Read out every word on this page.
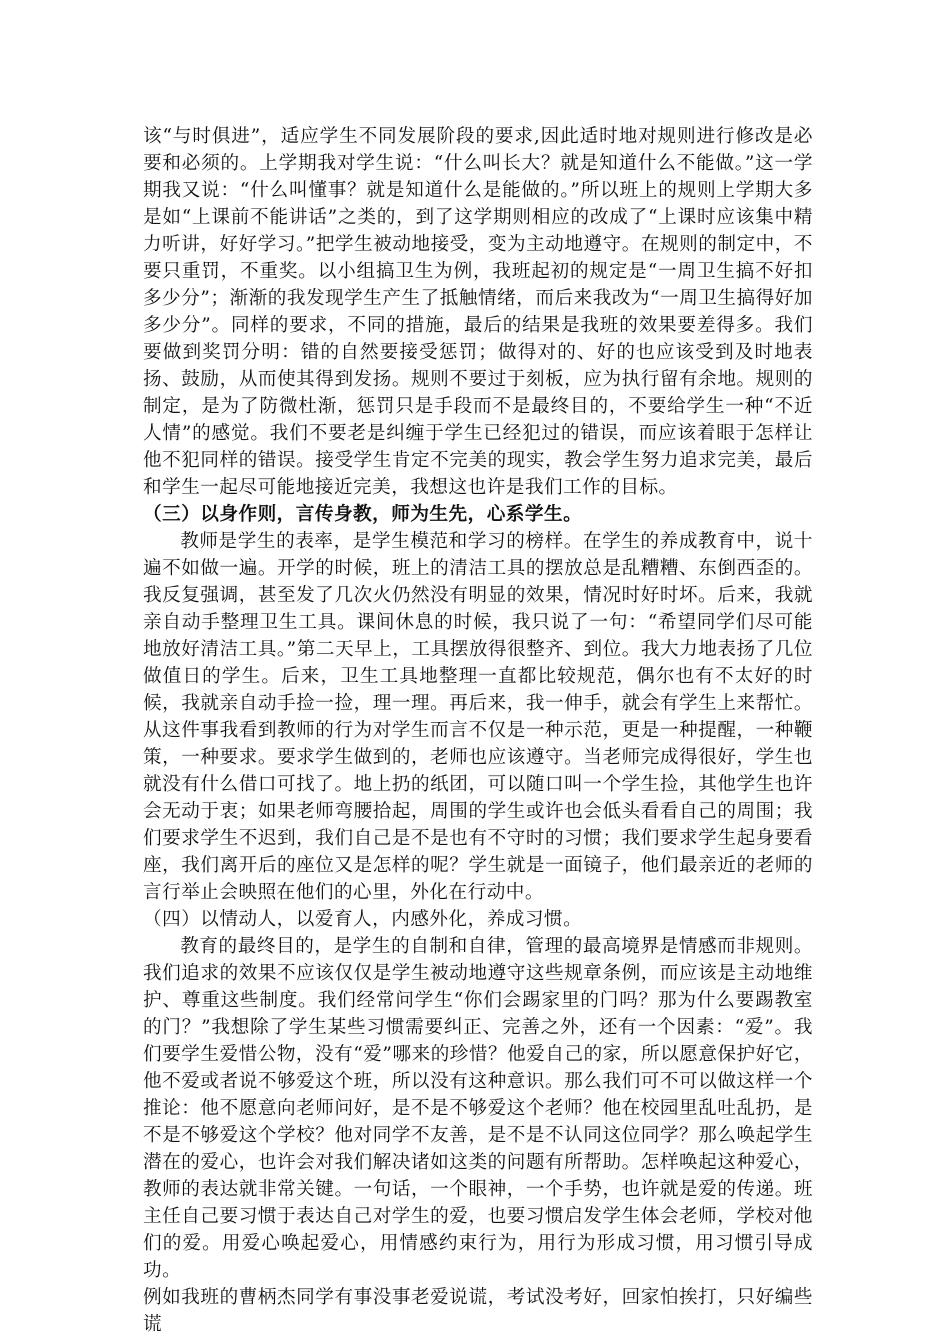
该“与时俱进”，适应学生不同发展阶段的要求,因此适时地对规则进行修改是必要和必须的。上学期我对学生说：“什么叫长大？就是知道什么不能做。”这一学期我又说：“什么叫懂事？就是知道什么是能做的。”所以班上的规则上学期大多是如“上课前不能讲话”之类的，到了这学期则相应的改成了“上课时应该集中精力听讲，好好学习。”把学生被动地接受，变为主动地遵守。在规则的制定中，不要只重罚，不重奖。以小组搞卫生为例，我班起初的规定是“一周卫生搞不好扣多少分”；渐渐的我发现学生产生了抵触情绪，而后来我改为“一周卫生搞得好加多少分”。同样的要求，不同的措施，最后的结果是我班的效果要差得多。我们要做到奖罚分明：错的自然要接受惩罚；做得对的、好的也应该受到及时地表扬、鼓励，从而使其得到发扬。规则不要过于刻板，应为执行留有余地。规则的制定，是为了防微杜渐，惩罚只是手段而不是最终目的，不要给学生一种“不近人情”的感觉。我们不要老是纠缠于学生已经犯过的错误，而应该着眼于怎样让他不犯同样的错误。接受学生肯定不完美的现实，教会学生努力追求完美，最后和学生一起尽可能地接近完美，我想这也许是我们工作的目标。

（三）以身作则，言传身教，师为生先，心系学生。

教师是学生的表率，是学生模范和学习的榜样。在学生的养成教育中，说十遍不如做一遍。开学的时候，班上的清洁工具的摆放总是乱糟糟、东倒西歪的。我反复强调，甚至发了几次火仍然没有明显的效果，情况时好时坏。后来，我就亲自动手整理卫生工具。课间休息的时候，我只说了一句：“希望同学们尽可能地放好清洁工具。”第二天早上，工具摆放得很整齐、到位。我大力地表扬了几位做值日的学生。后来，卫生工具地整理一直都比较规范，偶尔也有不太好的时候，我就亲自动手捡一捡，理一理。再后来，我一伸手，就会有学生上来帮忙。从这件事我看到教师的行为对学生而言不仅是一种示范，更是一种提醒，一种鞭策，一种要求。要求学生做到的，老师也应该遵守。当老师完成得很好，学生也就没有什么借口可找了。地上扔的纸团，可以随口叫一个学生捡，其他学生也许会无动于衷；如果老师弯腰拾起，周围的学生或许也会低头看看自己的周围；我们要求学生不迟到，我们自己是不是也有不守时的习惯；我们要求学生起身要看座，我们离开后的座位又是怎样的呢？学生就是一面镜子，他们最亲近的老师的言行举止会映照在他们的心里，外化在行动中。

（四）以情动人，以爱育人，内感外化，养成习惯。

教育的最终目的，是学生的自制和自律，管理的最高境界是情感而非规则。我们追求的效果不应该仅仅是学生被动地遵守这些规章条例，而应该是主动地维护、尊重这些制度。我们经常问学生“你们会踢家里的门吗？那为什么要踢教室的门？”我想除了学生某些习惯需要纠正、完善之外，还有一个因素：“爱”。我们要学生爱惜公物，没有“爱”哪来的珍惜？他爱自己的家，所以愿意保护好它，他不爱或者说不够爱这个班，所以没有这种意识。那么我们可不可以做这样一个推论：他不愿意向老师问好，是不是不够爱这个老师？他在校园里乱吐乱扔，是不是不够爱这个学校？他对同学不友善，是不是不认同这位同学？那么唤起学生潜在的爱心，也许会对我们解决诸如这类的问题有所帮助。怎样唤起这种爱心，教师的表达就非常关键。一句话，一个眼神，一个手势，也许就是爱的传递。班主任自己要习惯于表达自己对学生的爱，也要习惯启发学生体会老师，学校对他们的爱。用爱心唤起爱心，用情感约束行为，用行为形成习惯，用习惯引导成功。

例如我班的曹柄杰同学有事没事老爱说谎，考试没考好，回家怕挨打，只好编些谎
